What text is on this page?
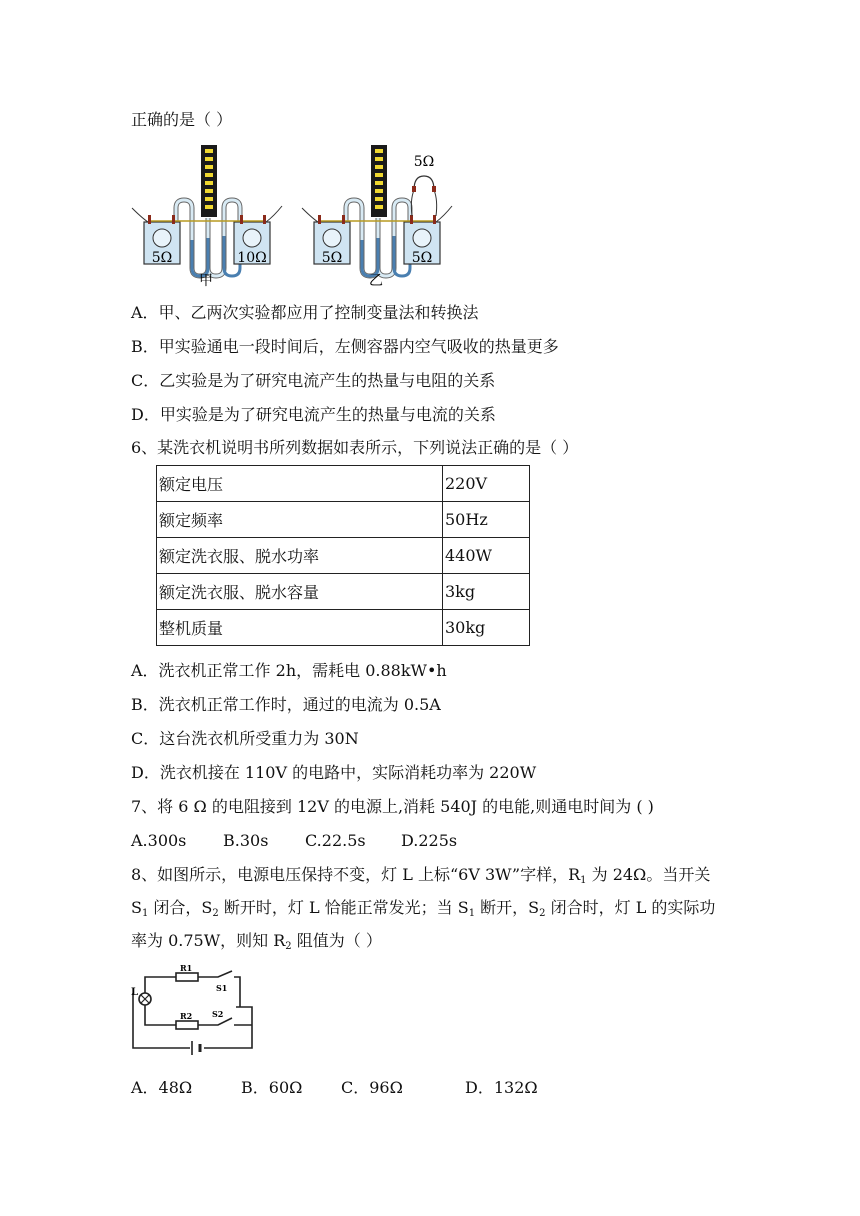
正确的是（ ）
5Ω	10Ω
甲
5Ω
5Ω	5Ω
乙
A．甲、乙两次实验都应用了控制变量法和转换法
B．甲实验通电一段时间后，左侧容器内空气吸收的热量更多
C．乙实验是为了研究电流产生的热量与电阻的关系
D．甲实验是为了研究电流产生的热量与电流的关系
6、某洗衣机说明书所列数据如表所示，下列说法正确的是（ ）
额定电压	220V
额定频率	50Hz
额定洗衣服、脱水功率	440W
额定洗衣服、脱水容量	3kg
整机质量	30kg
A．洗衣机正常工作 2h，需耗电 0.88kW•h
B．洗衣机正常工作时，通过的电流为 0.5A
C．这台洗衣机所受重力为 30N
D．洗衣机接在 110V 的电路中，实际消耗功率为 220W
7、将 6 Ω 的电阻接到 12V 的电源上,消耗 540J 的电能,则通电时间为 ( )
A.300s B.30s C.22.5s D.225s
8、如图所示，电源电压保持不变，灯 L 上标“6V 3W”字样，$R_1$ 为 24Ω。当开关
$S_1$ 闭合，$S_2$ 断开时，灯 L 恰能正常发光；当 $S_1$ 断开，$S_2$ 闭合时，灯 L 的实际功
率为 0.75W，则知 $R_2$ 阻值为（ ）
L
R1
S1
R2 S2
A．48Ω	B．60Ω C．96Ω	D．132Ω
